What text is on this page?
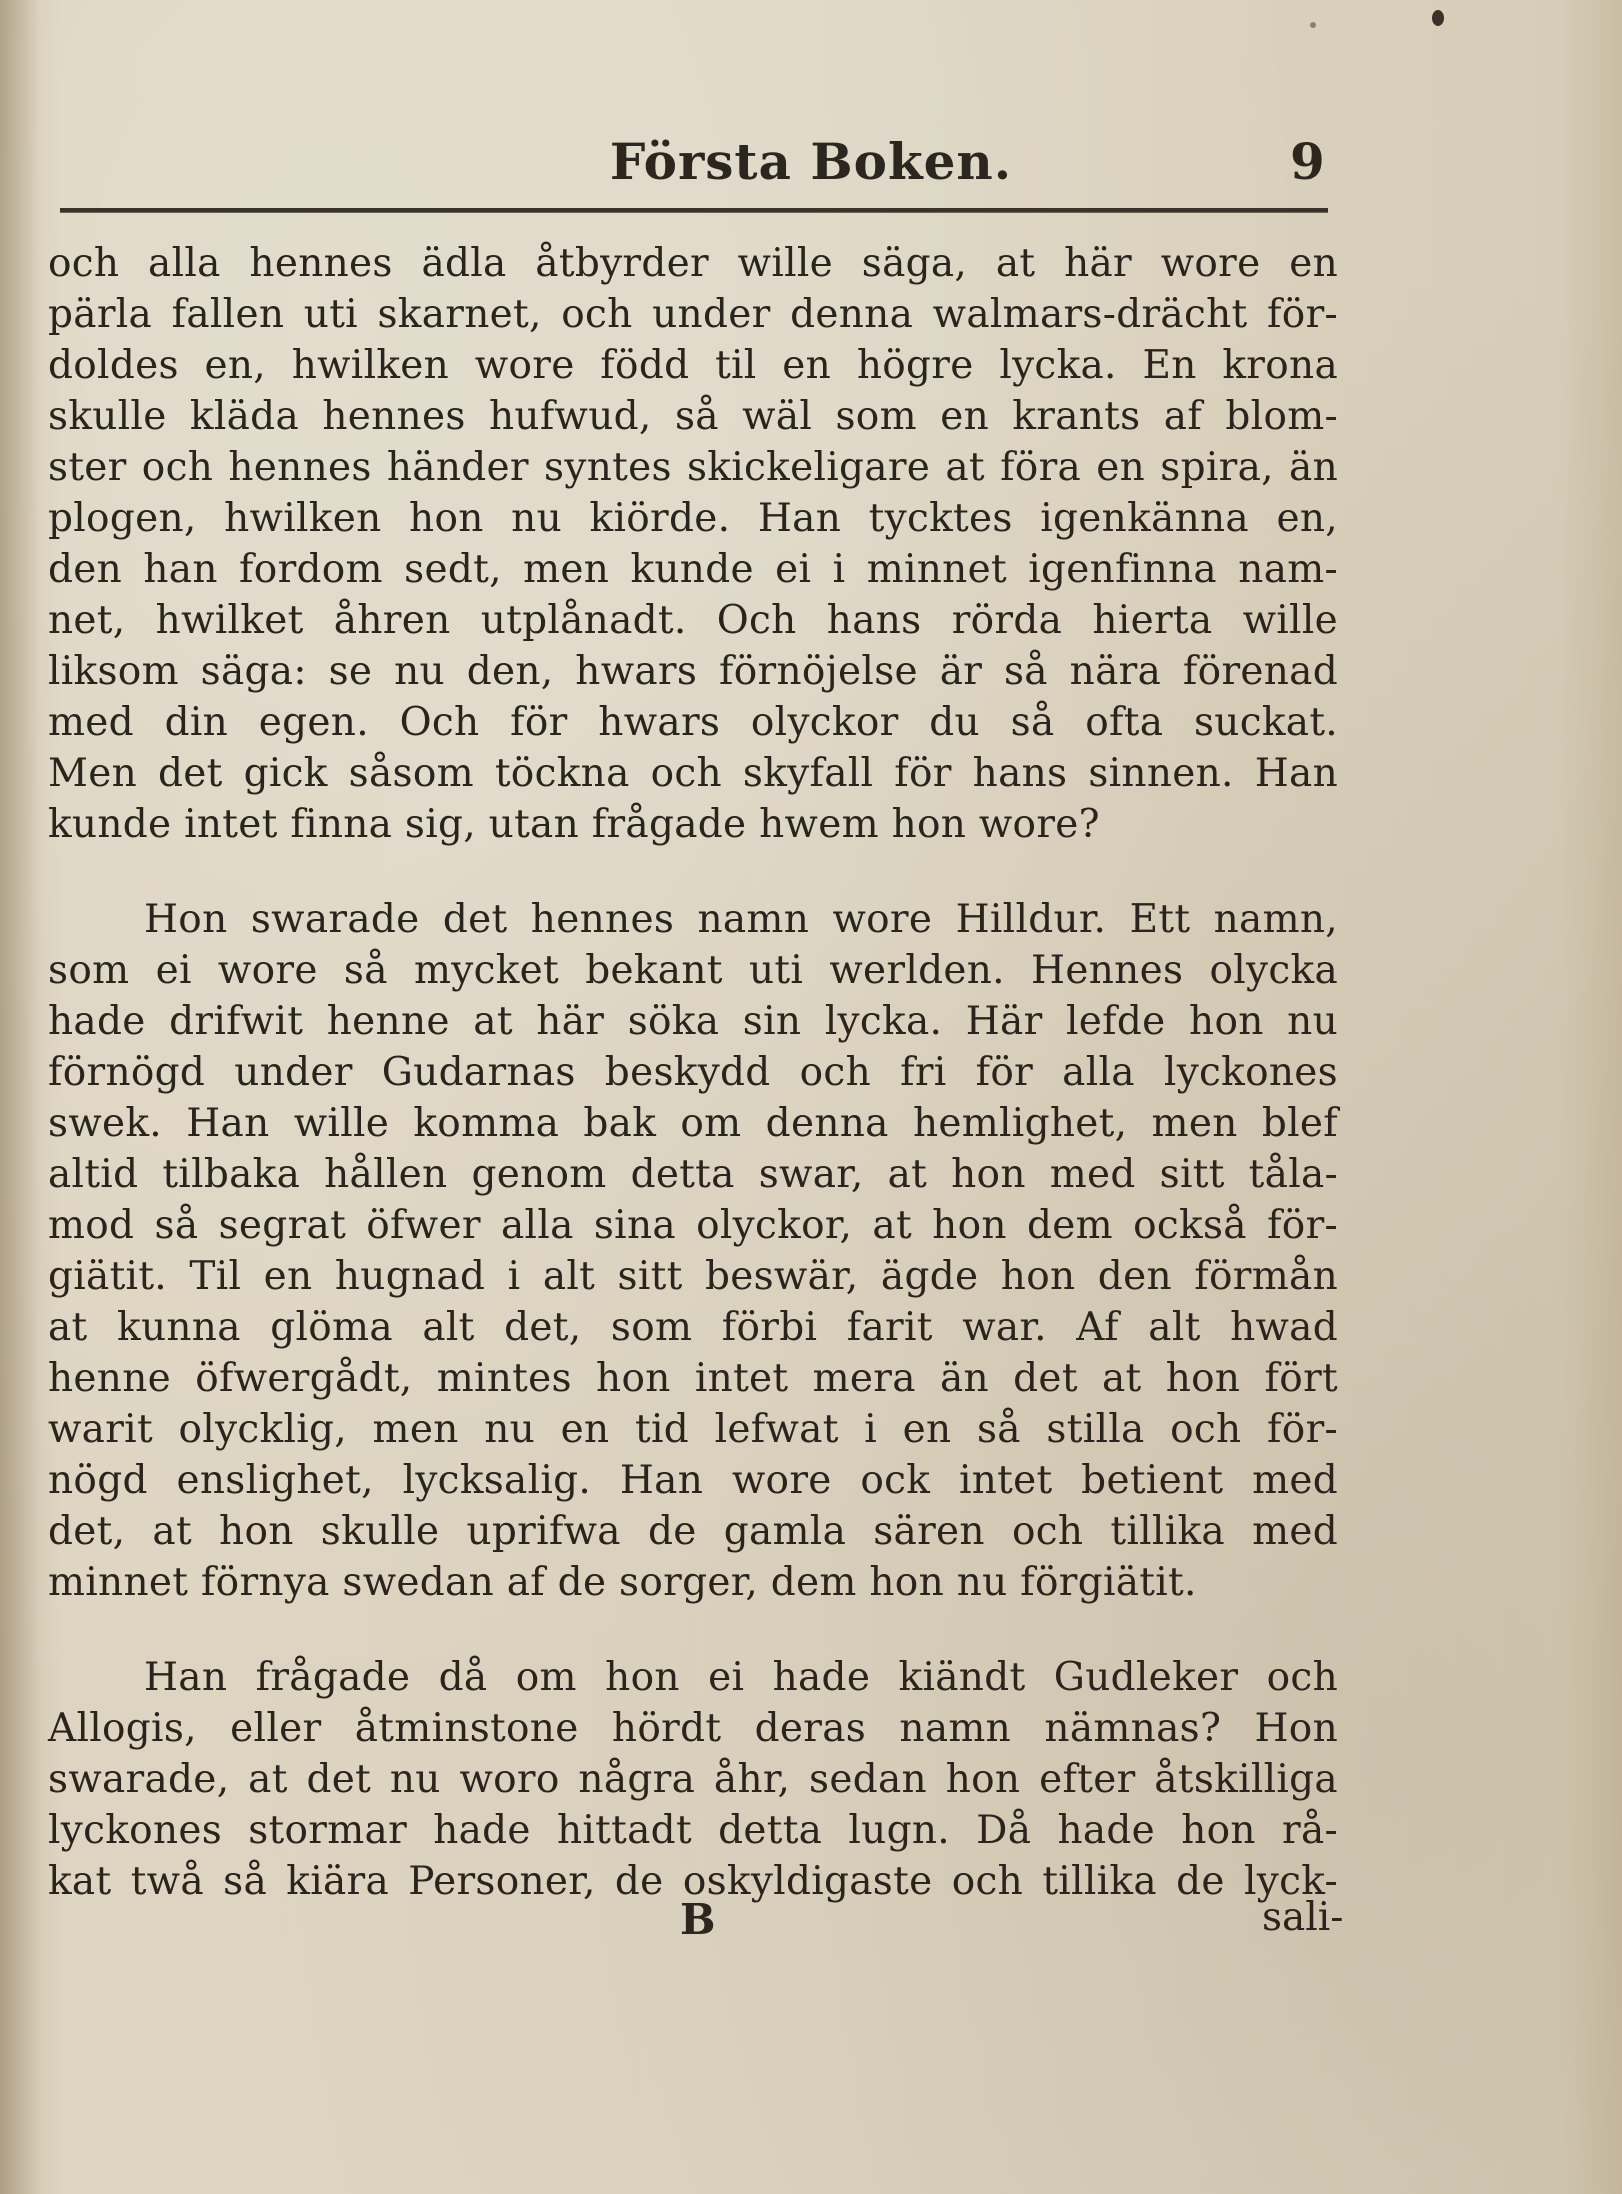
Första Boken.	9
och alla hennes ädla åtbyrder wille säga, at här wore en
pärla fallen uti skarnet, och under denna walmars-drächt för-
doldes en, hwilken wore född til en högre lycka. En krona
skulle kläda hennes hufwud, så wäl som en krants af blom-
ster och hennes händer syntes skickeligare at föra en spira, än
plogen, hwilken hon nu kiörde. Han tycktes igenkänna en,
den han fordom sedt, men kunde ei i minnet igenfinna nam-
net, hwilket åhren utplånadt. Och hans rörda hierta wille
liksom säga: se nu den, hwars förnöjelse är så nära förenad
med din egen. Och för hwars olyckor du så ofta suckat.
Men det gick såsom töckna och skyfall för hans sinnen. Han
kunde intet finna sig, utan frågade hwem hon wore?
Hon swarade det hennes namn wore Hilldur. Ett namn,
som ei wore så mycket bekant uti werlden. Hennes olycka
hade drifwit henne at här söka sin lycka. Här lefde hon nu
förnögd under Gudarnas beskydd och fri för alla lyckones
swek. Han wille komma bak om denna hemlighet, men blef
altid tilbaka hållen genom detta swar, at hon med sitt tåla-
mod så segrat öfwer alla sina olyckor, at hon dem också för-
giätit. Til en hugnad i alt sitt beswär, ägde hon den förmån
at kunna glöma alt det, som förbi farit war. Af alt hwad
henne öfwergådt, mintes hon intet mera än det at hon fört
warit olycklig, men nu en tid lefwat i en så stilla och för-
nögd enslighet, lycksalig. Han wore ock intet betient med
det, at hon skulle uprifwa de gamla sären och tillika med
minnet förnya swedan af de sorger, dem hon nu förgiätit.
Han frågade då om hon ei hade kiändt Gudleker och
Allogis, eller åtminstone hördt deras namn nämnas? Hon
swarade, at det nu woro några åhr, sedan hon efter åtskilliga
lyckones stormar hade hittadt detta lugn. Då hade hon rå-
kat twå så kiära Personer, de oskyldigaste och tillika de lyck-
B	sali-
